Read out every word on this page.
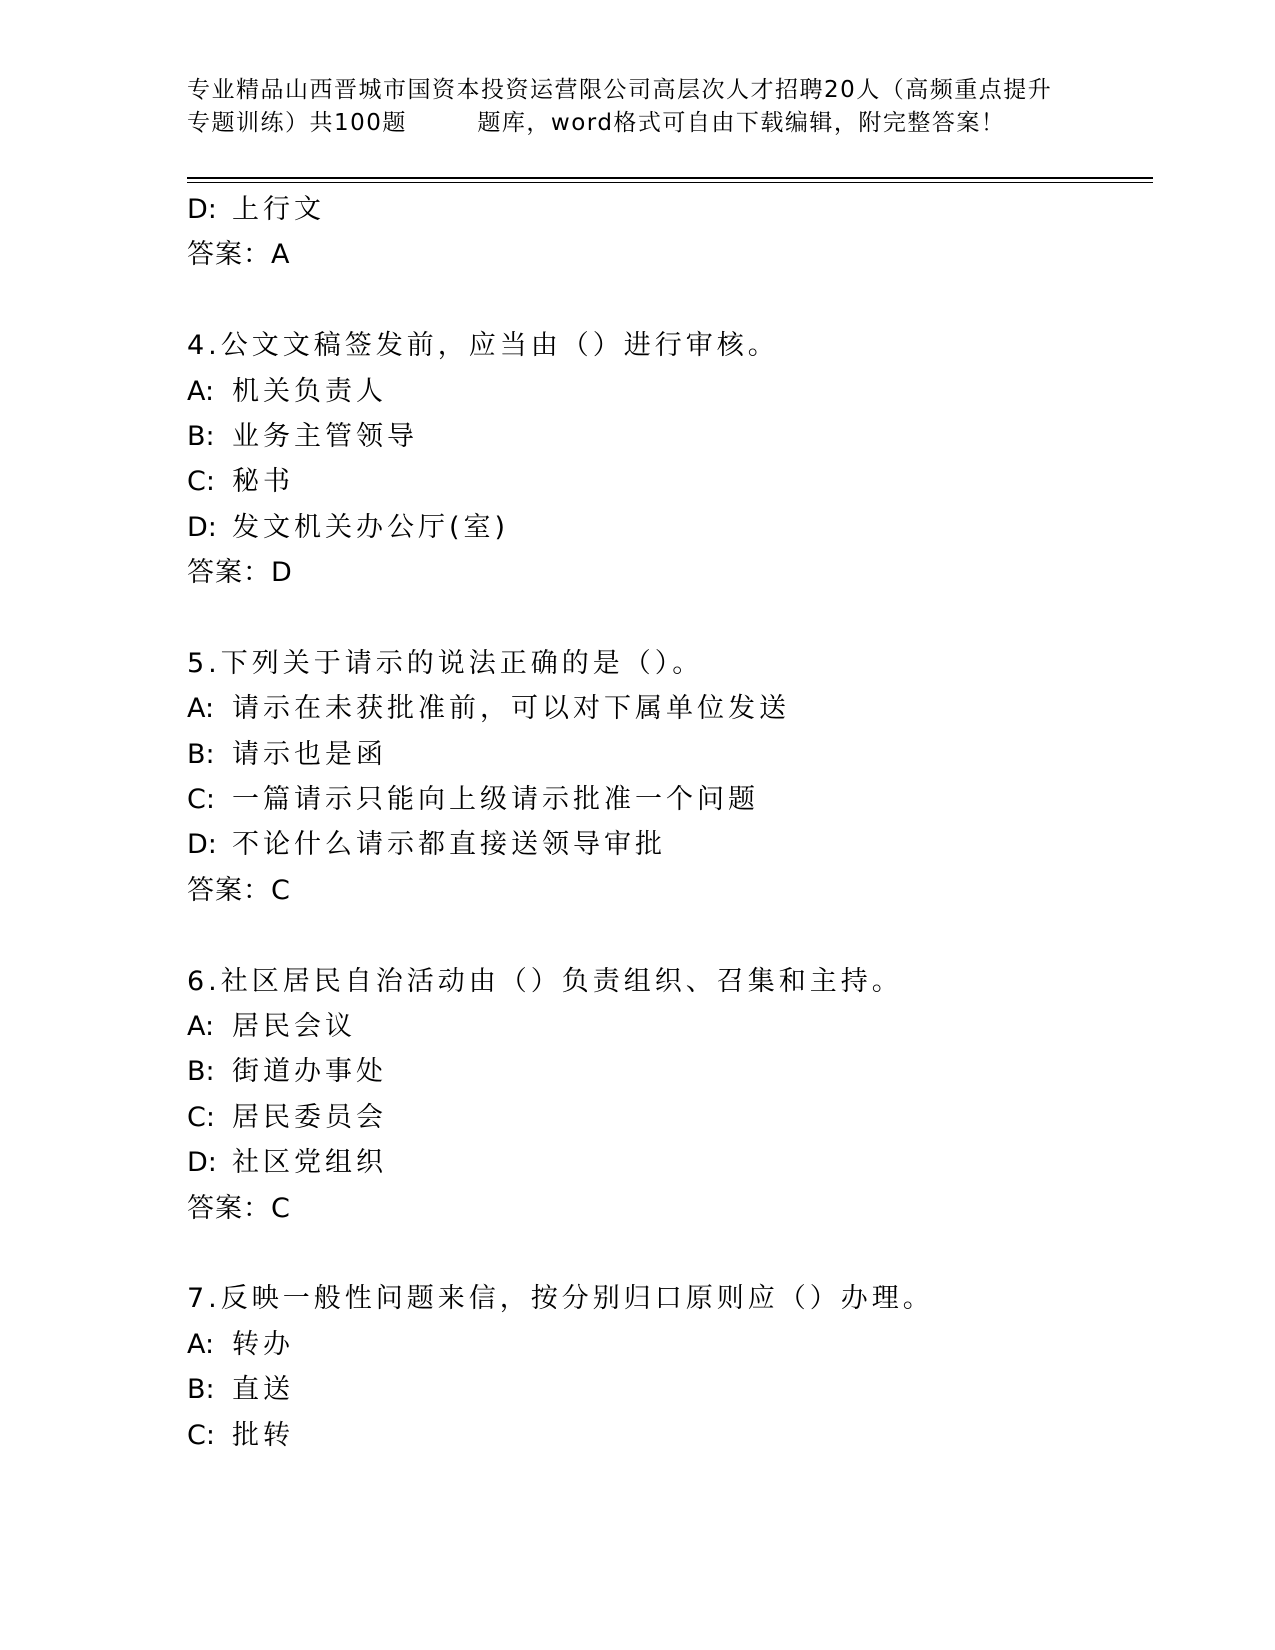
专业精品山西晋城市国资本投资运营限公司高层次人才招聘20人（高频重点提升
专题训练）共100题        题库，word格式可自由下载编辑，附完整答案！
D: 上行文
答案：A
4.公文文稿签发前，应当由（）进行审核。
A: 机关负责人
B: 业务主管领导
C: 秘书
D: 发文机关办公厅(室)
答案：D
5.下列关于请示的说法正确的是（）。
A: 请示在未获批准前，可以对下属单位发送
B: 请示也是函
C: 一篇请示只能向上级请示批准一个问题
D: 不论什么请示都直接送领导审批
答案：C
6.社区居民自治活动由（）负责组织、召集和主持。
A: 居民会议
B: 街道办事处
C: 居民委员会
D: 社区党组织
答案：C
7.反映一般性问题来信，按分别归口原则应（）办理。
A: 转办
B: 直送
C: 批转
